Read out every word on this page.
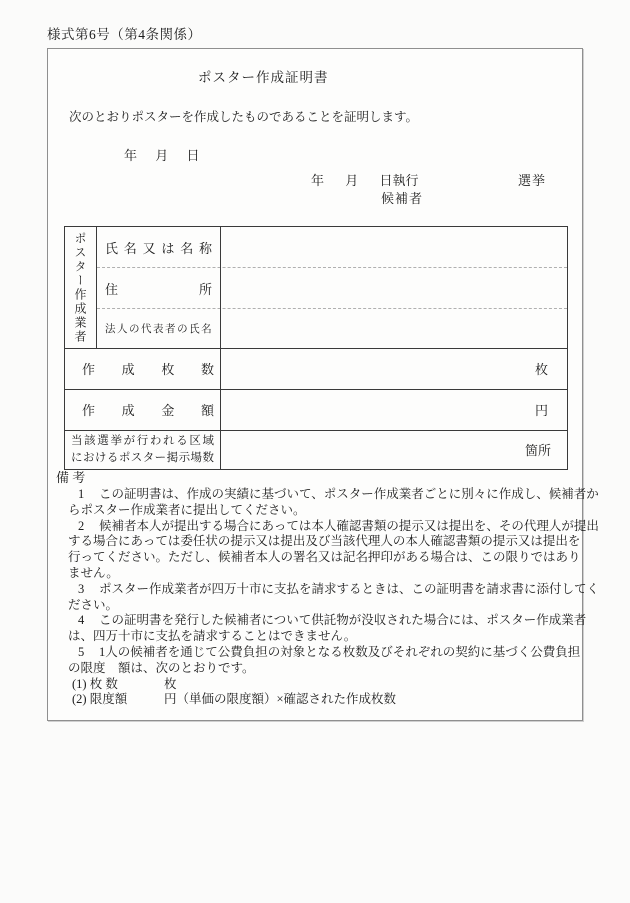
様式第6号（第4条関係）
ポスター作成証明書
次のとおりポスターを作成したものであることを証明します。
年 月 日
年 月 日執行	選挙
候補者
ポスター作成業者	氏 名 又 は 名 称
住 所
法人の代表者の氏名
作 成 枚 数	枚
作 成 金 額	円
当該選挙が行われる区域
におけるポスター掲示場数	箇所
備 考
1 この証明書は、作成の実績に基づいて、ポスター作成業者ごとに別々に作成し、候補者か
らポスター作成業者に提出してください。
2 候補者本人が提出する場合にあっては本人確認書類の提示又は提出を、その代理人が提出
する場合にあっては委任状の提示又は提出及び当該代理人の本人確認書類の提示又は提出を
行ってください。ただし、候補者本人の署名又は記名押印がある場合は、この限りではあり
ません。
3 ポスター作成業者が四万十市に支払を請求するときは、この証明書を請求書に添付してく
ださい。
4 この証明書を発行した候補者について供託物が没収された場合には、ポスター作成業者
は、四万十市に支払を請求することはできません。
5 1人の候補者を通じて公費負担の対象となる枚数及びそれぞれの契約に基づく公費負担
の限度　額は、次のとおりです。
(1) 枚 数	枚
(2) 限度額	円（単価の限度額）×確認された作成枚数
